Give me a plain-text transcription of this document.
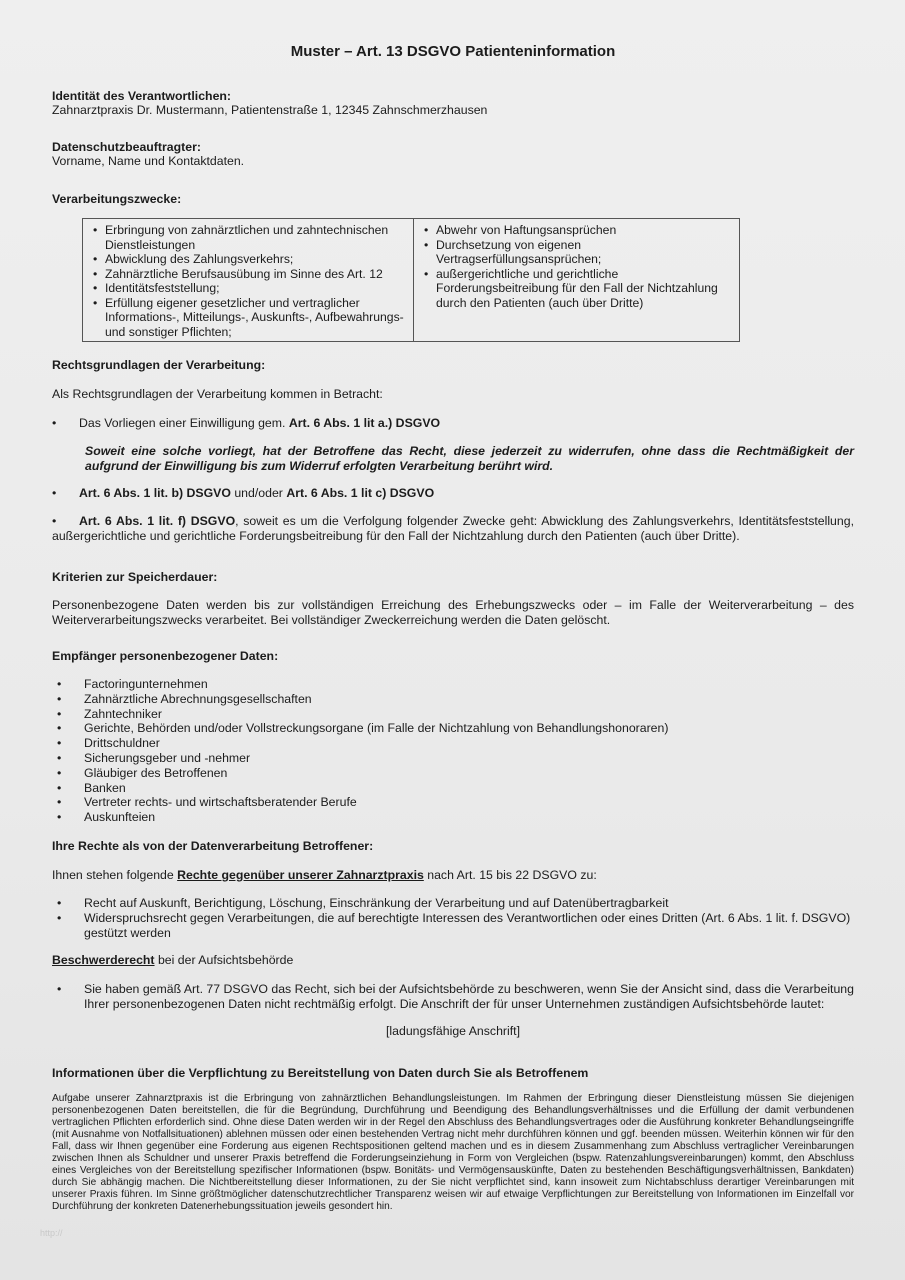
Muster – Art. 13 DSGVO Patienteninformation
Identität des Verantwortlichen:
Zahnarztpraxis Dr. Mustermann, Patientenstraße 1, 12345 Zahnschmerzhausen
Datenschutzbeauftragter:
Vorname, Name und Kontaktdaten.
Verarbeitungszwecke:
• Erbringung von zahnärztlichen und zahntechnischen Dienstleistungen
• Abwicklung des Zahlungsverkehrs;
• Zahnärztliche Berufsausübung im Sinne des Art. 12
• Identitätsfeststellung;
• Erfüllung eigener gesetzlicher und vertraglicher Informations-, Mitteilungs-, Auskunfts-, Aufbewahrungs- und sonstiger Pflichten;
• Abwehr von Haftungsansprüchen
• Durchsetzung von eigenen Vertragserfüllungsansprüchen;
• außergerichtliche und gerichtliche Forderungsbeitreibung für den Fall der Nichtzahlung durch den Patienten (auch über Dritte)
Rechtsgrundlagen der Verarbeitung:
Als Rechtsgrundlagen der Verarbeitung kommen in Betracht:
• Das Vorliegen einer Einwilligung gem. Art. 6 Abs. 1 lit a.) DSGVO
Soweit eine solche vorliegt, hat der Betroffene das Recht, diese jederzeit zu widerrufen, ohne dass die Rechtmäßigkeit der aufgrund der Einwilligung bis zum Widerruf erfolgten Verarbeitung berührt wird.
• Art. 6 Abs. 1 lit. b) DSGVO und/oder Art. 6 Abs. 1 lit c) DSGVO
• Art. 6 Abs. 1 lit. f) DSGVO, soweit es um die Verfolgung folgender Zwecke geht: Abwicklung des Zahlungsverkehrs, Identitätsfeststellung, außergerichtliche und gerichtliche Forderungsbeitreibung für den Fall der Nichtzahlung durch den Patienten (auch über Dritte).
Kriterien zur Speicherdauer:
Personenbezogene Daten werden bis zur vollständigen Erreichung des Erhebungszwecks oder – im Falle der Weiterverarbeitung – des Weiterverarbeitungszwecks verarbeitet. Bei vollständiger Zweckerreichung werden die Daten gelöscht.
Empfänger personenbezogener Daten:
• Factoringunternehmen
• Zahnärztliche Abrechnungsgesellschaften
• Zahntechniker
• Gerichte, Behörden und/oder Vollstreckungsorgane (im Falle der Nichtzahlung von Behandlungshonoraren)
• Drittschuldner
• Sicherungsgeber und -nehmer
• Gläubiger des Betroffenen
• Banken
• Vertreter rechts- und wirtschaftsberatender Berufe
• Auskunfteien
Ihre Rechte als von der Datenverarbeitung Betroffener:
Ihnen stehen folgende Rechte gegenüber unserer Zahnarztpraxis nach Art. 15 bis 22 DSGVO zu:
• Recht auf Auskunft, Berichtigung, Löschung, Einschränkung der Verarbeitung und auf Datenübertragbarkeit
• Widerspruchsrecht gegen Verarbeitungen, die auf berechtigte Interessen des Verantwortlichen oder eines Dritten (Art. 6 Abs. 1 lit. f. DSGVO) gestützt werden
Beschwerderecht bei der Aufsichtsbehörde
• Sie haben gemäß Art. 77 DSGVO das Recht, sich bei der Aufsichtsbehörde zu beschweren, wenn Sie der Ansicht sind, dass die Verarbeitung Ihrer personenbezogenen Daten nicht rechtmäßig erfolgt. Die Anschrift der für unser Unternehmen zuständigen Aufsichtsbehörde lautet:
[ladungsfähige Anschrift]
Informationen über die Verpflichtung zu Bereitstellung von Daten durch Sie als Betroffenem
Aufgabe unserer Zahnarztpraxis ist die Erbringung von zahnärztlichen Behandlungsleistungen. Im Rahmen der Erbringung dieser Dienstleistung müssen Sie diejenigen personenbezogenen Daten bereitstellen, die für die Begründung, Durchführung und Beendigung des Behandlungsverhältnisses und die Erfüllung der damit verbundenen vertraglichen Pflichten erforderlich sind. Ohne diese Daten werden wir in der Regel den Abschluss des Behandlungsvertrages oder die Ausführung konkreter Behandlungseingriffe (mit Ausnahme von Notfallsituationen) ablehnen müssen oder einen bestehenden Vertrag nicht mehr durchführen können und ggf. beenden müssen. Weiterhin können wir für den Fall, dass wir Ihnen gegenüber eine Forderung aus eigenen Rechtspositionen geltend machen und es in diesem Zusammenhang zum Abschluss vertraglicher Vereinbarungen zwischen Ihnen als Schuldner und unserer Praxis betreffend die Forderungseinziehung in Form von Vergleichen (bspw. Ratenzahlungsvereinbarungen) kommt, den Abschluss eines Vergleiches von der Bereitstellung spezifischer Informationen (bspw. Bonitäts- und Vermögensauskünfte, Daten zu bestehenden Beschäftigungsverhältnissen, Bankdaten) durch Sie abhängig machen. Die Nichtbereitstellung dieser Informationen, zu der Sie nicht verpflichtet sind, kann insoweit zum Nichtabschluss derartiger Vereinbarungen mit unserer Praxis führen. Im Sinne größtmöglicher datenschutzrechtlicher Transparenz weisen wir auf etwaige Verpflichtungen zur Bereitstellung von Informationen im Einzelfall vor Durchführung der konkreten Datenerhebungssituation jeweils gesondert hin.
http://
